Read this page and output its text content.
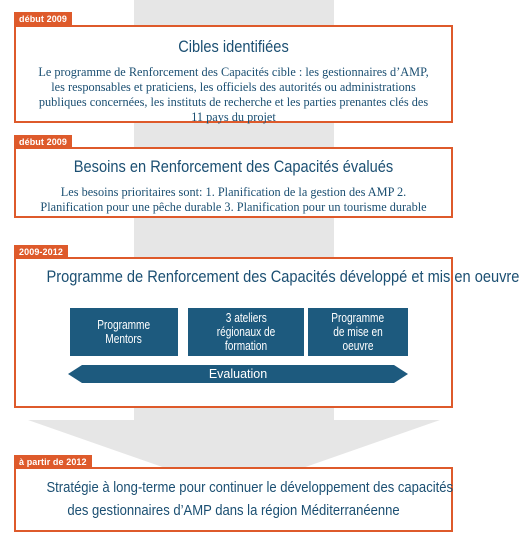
début 2009
Cibles identifiées
Le programme de Renforcement des Capacités cible : les gestionnaires d’AMP, les responsables et praticiens, les officiels des autorités ou administrations publiques concernées, les instituts de recherche et les parties prenantes clés des 11 pays du projet
début 2009
Besoins en Renforcement des Capacités évalués
Les besoins prioritaires sont: 1. Planification de la gestion des AMP 2. Planification pour une pêche durable 3. Planification pour un tourisme durable
2009-2012
Programme de Renforcement des Capacités développé et mis en oeuvre
Programme
Mentors
3 ateliers
régionaux de formation
Programme
de mise en oeuvre
Evaluation
à partir de 2012
Stratégie à long-terme pour continuer le développement des capacités
des gestionnaires d’AMP dans la région Méditerranéenne
